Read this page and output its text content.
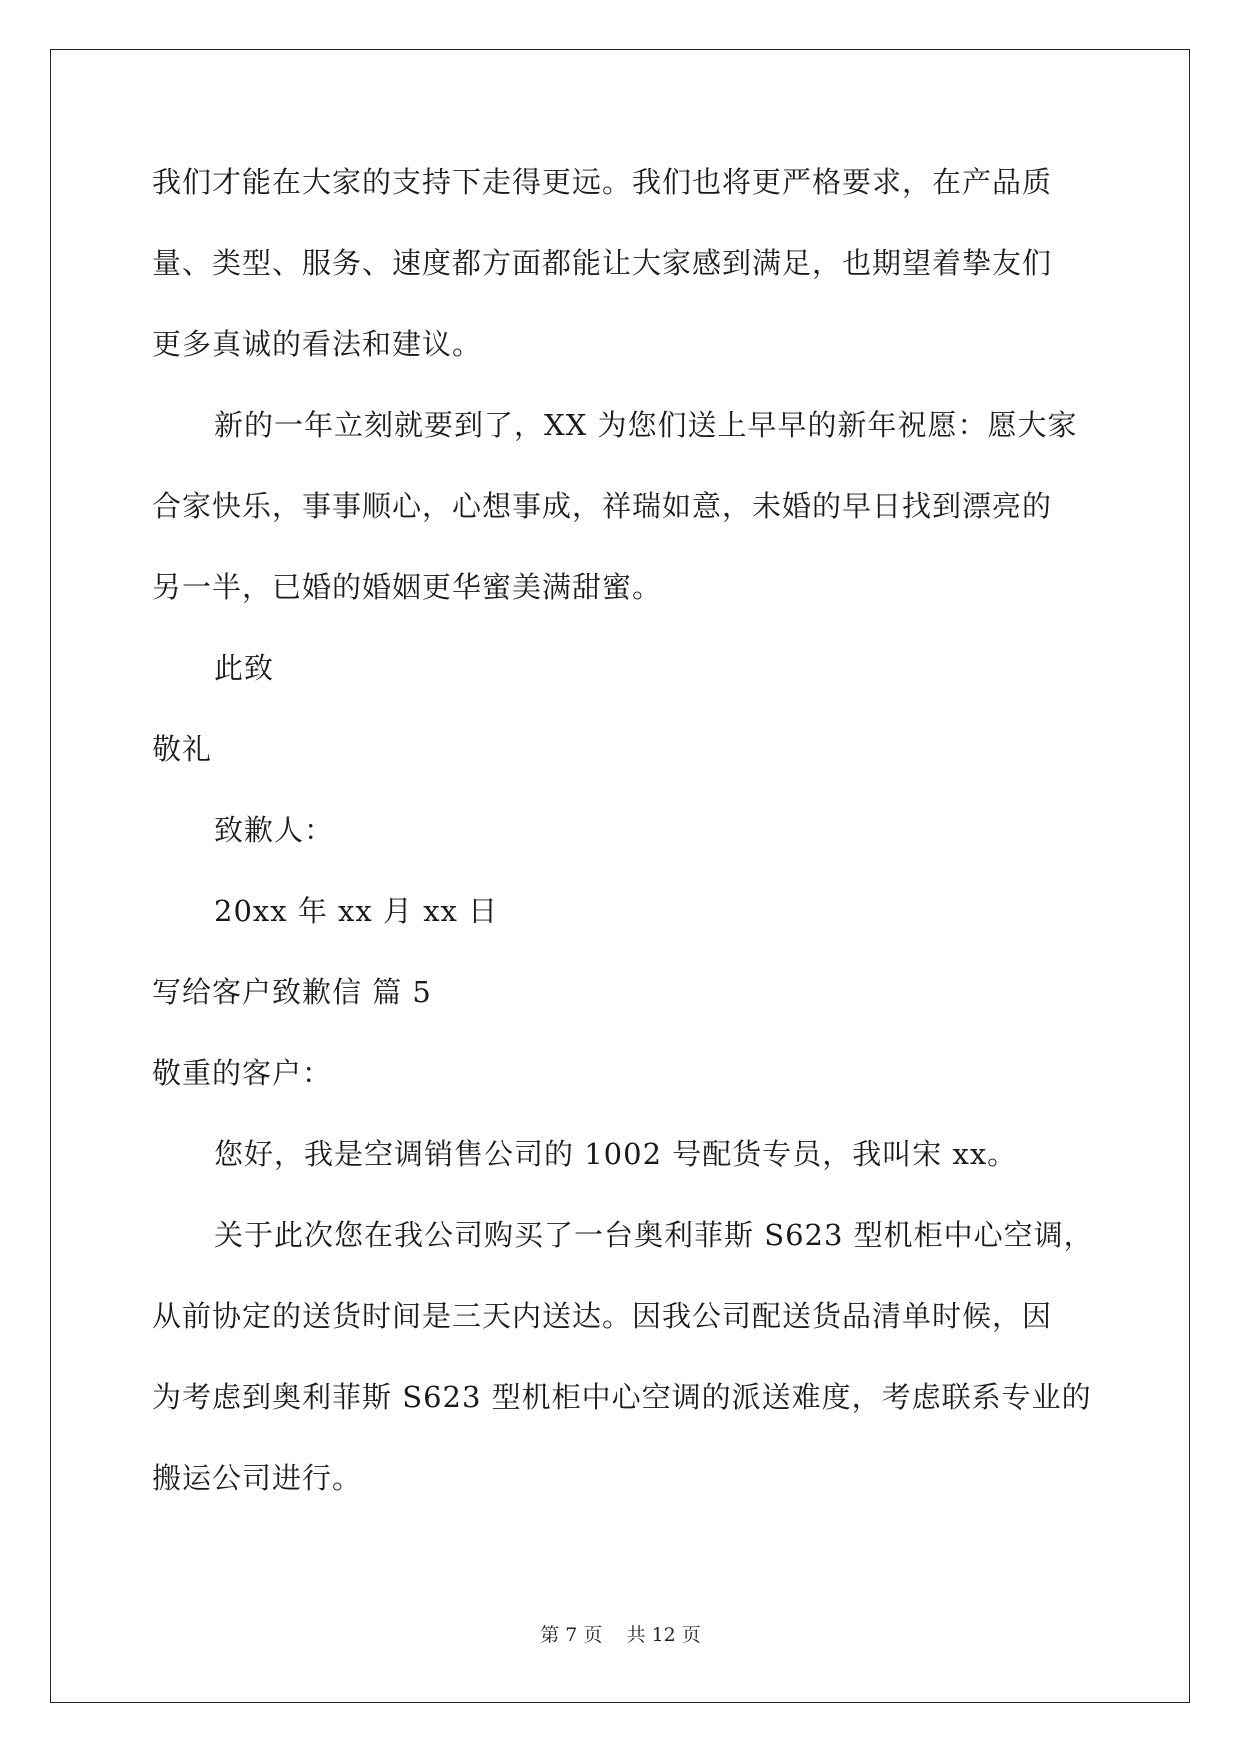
我们才能在大家的支持下走得更远。我们也将更严格要求，在产品质
量、类型、服务、速度都方面都能让大家感到满足，也期望着挚友们
更多真诚的看法和建议。
新的一年立刻就要到了，XX 为您们送上早早的新年祝愿：愿大家
合家快乐，事事顺心，心想事成，祥瑞如意，未婚的早日找到漂亮的
另一半，已婚的婚姻更华蜜美满甜蜜。
此致
敬礼
致歉人：
20xx 年 xx 月 xx 日
写给客户致歉信 篇 5
敬重的客户：
您好，我是空调销售公司的 1002 号配货专员，我叫宋 xx。
关于此次您在我公司购买了一台奥利菲斯 S623 型机柜中心空调，
从前协定的送货时间是三天内送达。因我公司配送货品清单时候，因
为考虑到奥利菲斯 S623 型机柜中心空调的派送难度，考虑联系专业的
搬运公司进行。
第 7 页    共 12 页
